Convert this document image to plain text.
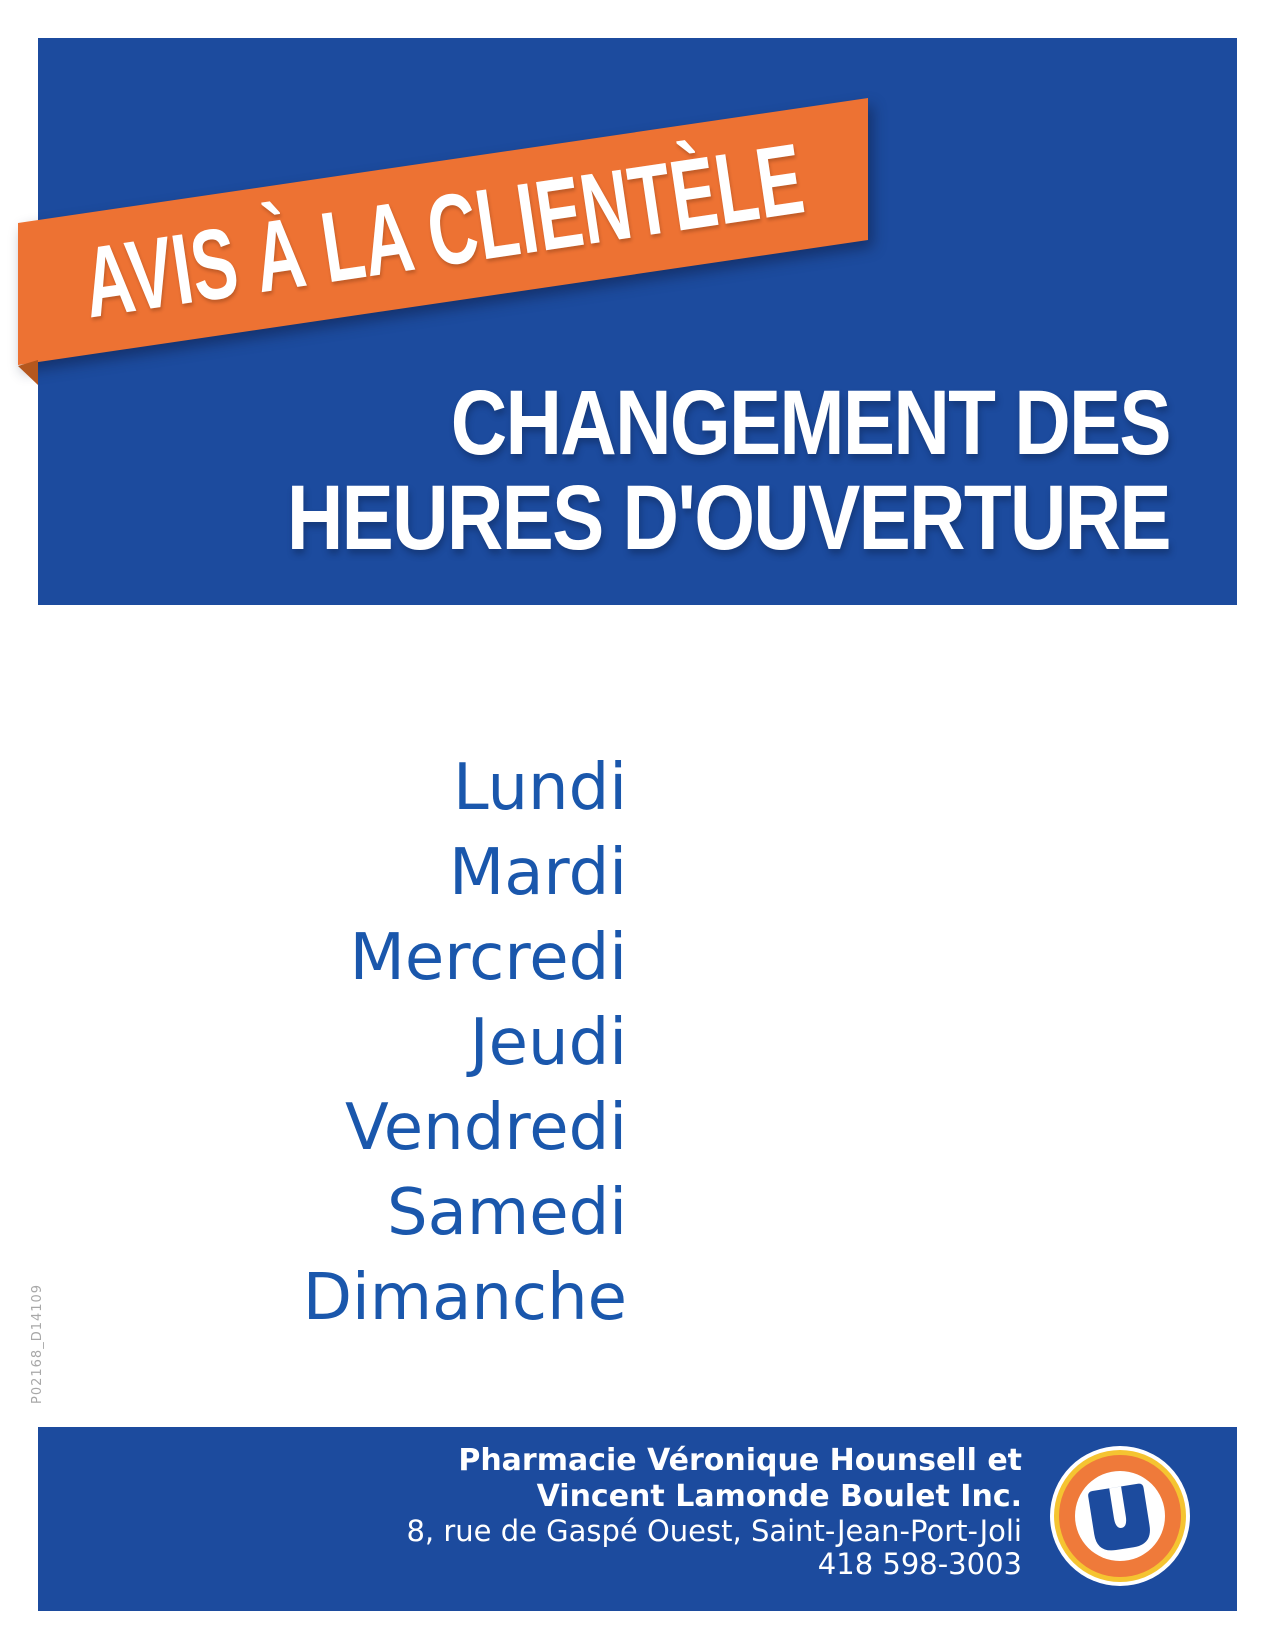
CHANGEMENT DES
HEURES D'OUVERTURE
AVIS À LA CLIENTÈLE
Lundi
Mardi
Mercredi
Jeudi
Vendredi
Samedi
Dimanche
P02168_D14109
Pharmacie Véronique Hounsell et
Vincent Lamonde Boulet Inc.
8, rue de Gaspé Ouest, Saint-Jean-Port-Joli
418 598-3003
